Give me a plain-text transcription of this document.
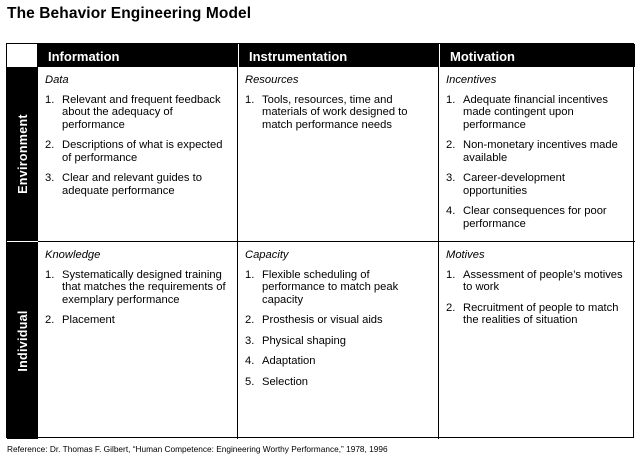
The Behavior Engineering Model
Information	Instrumentation	Motivation
Environment
Data
1. Relevant and frequent feedback about the adequacy of performance
2. Descriptions of what is expected of performance
3. Clear and relevant guides to adequate performance
Resources
1. Tools, resources, time and materials of work designed to match performance needs
Incentives
1. Adequate financial incentives made contingent upon performance
2. Non-monetary incentives made available
3. Career-development opportunities
4. Clear consequences for poor performance
Individual
Knowledge
1. Systematically designed training that matches the requirements of exemplary performance
2. Placement
Capacity
1. Flexible scheduling of performance to match peak capacity
2. Prosthesis or visual aids
3. Physical shaping
4. Adaptation
5. Selection
Motives
1. Assessment of people’s motives to work
2. Recruitment of people to match the realities of situation
Reference: Dr. Thomas F. Gilbert, “Human Competence: Engineering Worthy Performance,” 1978, 1996
